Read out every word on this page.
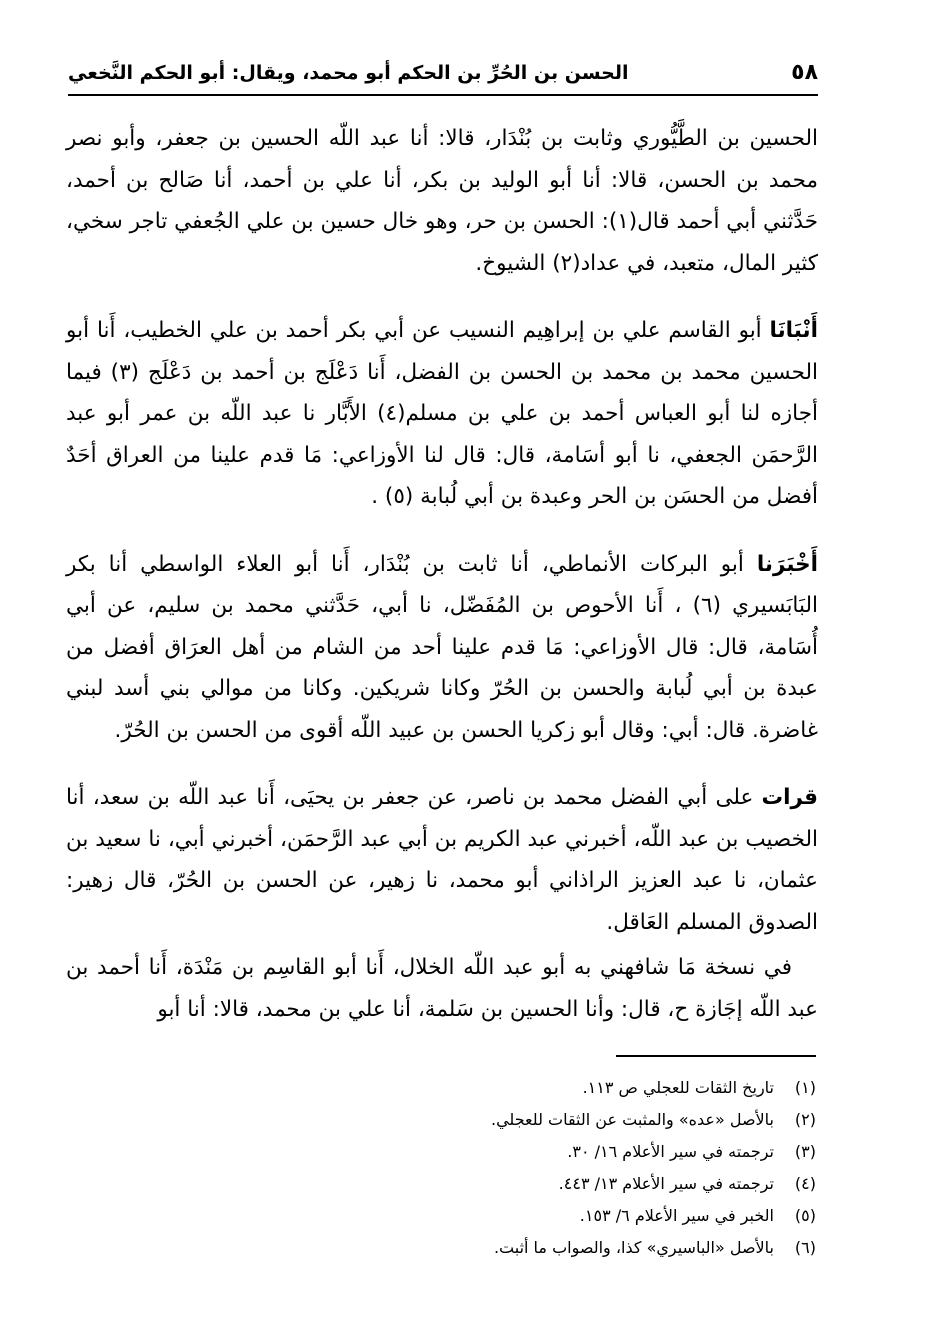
٥٨
الحسن بن الحُرِّ بن الحكم أبو محمد، ويقال: أبو الحكم النَّخعي

الحسين بن الطَّيُّوري وثابت بن بُنْدَار، قالا: أنا عبد اللّه الحسين بن جعفر، وأبو نصر محمد بن الحسن، قالا: أنا أبو الوليد بن بكر، أنا علي بن أحمد، أنا صَالح بن أحمد، حَدَّثني أبي أحمد قال(١): الحسن بن حر، وهو خال حسين بن علي الجُعفي تاجر سخي، كثير المال، متعبد، في عداد(٢) الشيوخ.

أَنْبَانَا أبو القاسم علي بن إبراهِيم النسيب عن أبي بكر أحمد بن علي الخطيب، أَنا أبو الحسين محمد بن محمد بن الحسن بن الفضل، أَنا دَعْلَج بن أحمد بن دَعْلَج (٣) فيما أجازه لنا أبو العباس أحمد بن علي بن مسلم(٤) الأَبَّار نا عبد اللّه بن عمر أبو عبد الرَّحمَن الجعفي، نا أبو أسَامة، قال: قال لنا الأوزاعي: مَا قدم علينا من العراق أحَدٌ أفضل من الحسَن بن الحر وعبدة بن أبي لُبابة (٥) .

أَخْبَرَنا أبو البركات الأنماطي، أنا ثابت بن بُنْدَار، أَنا أبو العلاء الواسطي أنا بكر البَابَسيري (٦) ، أَنا الأحوص بن المُفَضّل، نا أبي، حَدَّثني محمد بن سليم، عن أبي أُسَامة، قال: قال الأوزاعي: مَا قدم علينا أحد من الشام من أهل العرَاق أفضل من عبدة بن أبي لُبابة والحسن بن الحُرّ وكانا شريكين. وكانا من موالي بني أسد لبني غاضرة. قال: أبي: وقال أبو زكريا الحسن بن عبيد اللّه أقوى من الحسن بن الحُرّ.

قرات على أبي الفضل محمد بن ناصر، عن جعفر بن يحيَى، أَنا عبد اللّه بن سعد، أنا الخصيب بن عبد اللّه، أخبرني عبد الكريم بن أبي عبد الرَّحمَن، أخبرني أبي، نا سعيد بن عثمان، نا عبد العزيز الراذاني أبو محمد، نا زهير، عن الحسن بن الحُرّ، قال زهير: الصدوق المسلم العَاقل.

في نسخة مَا شافهني به أبو عبد اللّه الخلال، أَنا أبو القاسِم بن مَنْدَة، أَنا أحمد بن عبد اللّه إجَازة ح، قال: وأنا الحسين بن سَلمة، أنا علي بن محمد، قالا: أنا أبو

(١)تاريخ الثقات للعجلي ص ١١٣.
(٢)بالأصل «عده» والمثبت عن الثقات للعجلي.
(٣)ترجمته في سير الأعلام ١٦/ ٣٠.
(٤)ترجمته في سير الأعلام ١٣/ ٤٤٣.
(٥)الخبر في سير الأعلام ٦/ ١٥٣.
(٦)بالأصل «الباسيري» كذا، والصواب ما أثبت.
